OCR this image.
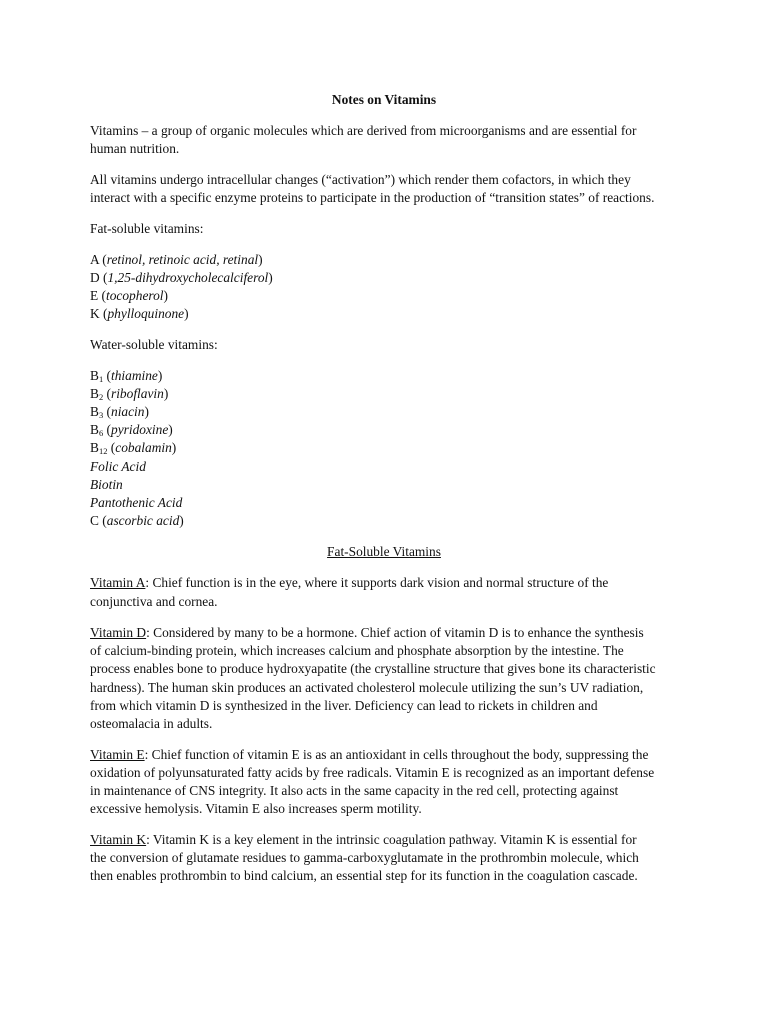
Notes on Vitamins
Vitamins – a group of organic molecules which are derived from microorganisms and are essential for
human nutrition.
All vitamins undergo intracellular changes (“activation”) which render them cofactors, in which they
interact with a specific enzyme proteins to participate in the production of “transition states” of reactions.
Fat-soluble vitamins:
A (retinol, retinoic acid, retinal)
D (1,25-dihydroxycholecalciferol)
E (tocopherol)
K (phylloquinone)
Water-soluble vitamins:
$B_1$ (thiamine)
$B_2$ (riboflavin)
$B_3$ (niacin)
$B_6$ (pyridoxine)
$B_{12}$ (cobalamin)
Folic Acid
Biotin
Pantothenic Acid
C (ascorbic acid)
Fat-Soluble Vitamins
Vitamin A: Chief function is in the eye, where it supports dark vision and normal structure of the
conjunctiva and cornea.
Vitamin D: Considered by many to be a hormone. Chief action of vitamin D is to enhance the synthesis
of calcium-binding protein, which increases calcium and phosphate absorption by the intestine. The
process enables bone to produce hydroxyapatite (the crystalline structure that gives bone its characteristic
hardness). The human skin produces an activated cholesterol molecule utilizing the sun’s UV radiation,
from which vitamin D is synthesized in the liver. Deficiency can lead to rickets in children and
osteomalacia in adults.
Vitamin E: Chief function of vitamin E is as an antioxidant in cells throughout the body, suppressing the
oxidation of polyunsaturated fatty acids by free radicals. Vitamin E is recognized as an important defense
in maintenance of CNS integrity. It also acts in the same capacity in the red cell, protecting against
excessive hemolysis. Vitamin E also increases sperm motility.
Vitamin K: Vitamin K is a key element in the intrinsic coagulation pathway. Vitamin K is essential for
the conversion of glutamate residues to gamma-carboxyglutamate in the prothrombin molecule, which
then enables prothrombin to bind calcium, an essential step for its function in the coagulation cascade.
